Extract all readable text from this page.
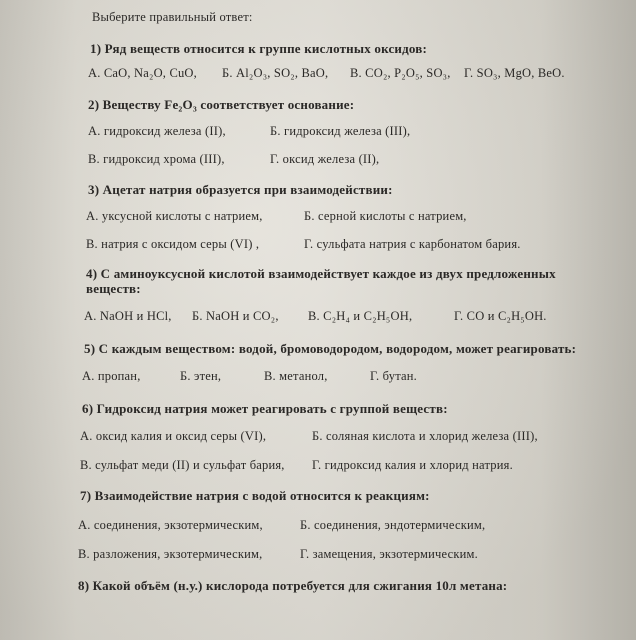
Выберите правильный ответ:
1) Ряд веществ относится к группе кислотных оксидов:
А. CaO, Na₂O, CuO, Б. Al₂O₃, SO₂, BaO, В. CO₂, P₂O₅, SO₃, Г. SO₃, MgO, BeO.
2) Веществу Fe₂O₃ соответствует основание:
А. гидроксид железа (II),	Б. гидроксид железа (III),
В. гидроксид хрома (III),	Г. оксид железа (II),
3) Ацетат натрия образуется при взаимодействии:
А. уксусной кислоты с натрием,	Б. серной кислоты с натрием,
В. натрия с оксидом серы (VI) ,	Г. сульфата натрия с карбонатом бария.
4) С аминоуксусной кислотой взаимодействует каждое из двух предложенных
веществ:
А. NaOH и HCl, Б. NaOH и CO₂, В. C₂H₄ и C₂H₅OH,	Г. CO и C₂H₅OH.
5) С каждым веществом: водой, бромоводородом, водородом, может реагировать:
А. пропан,	Б. этен,	В. метанол,	Г. бутан.
6) Гидроксид натрия может реагировать с группой веществ:
А. оксид калия и оксид серы (VI),	Б. соляная кислота и хлорид железа (III),
В. сульфат меди (II) и сульфат бария, Г. гидроксид калия и хлорид натрия.
7) Взаимодействие натрия с водой относится к реакциям:
А. соединения, экзотермическим,	Б. соединения, эндотермическим,
В. разложения, экзотермическим,	Г. замещения, экзотермическим.
8) Какой объём (н.у.) кислорода потребуется для сжигания 10л метана:
